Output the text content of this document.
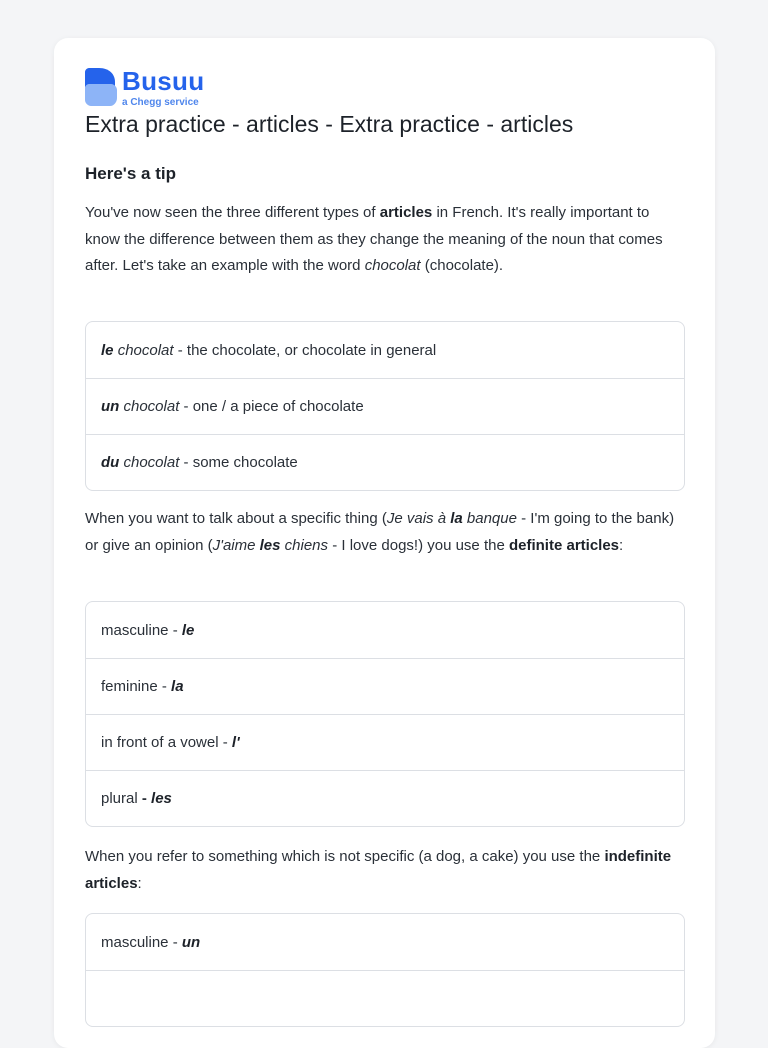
Busuu
a Chegg service
Extra practice - articles - Extra practice - articles
Here's a tip
You've now seen the three different types of articles in French. It's really important to know the difference between them as they change the meaning of the noun that comes after. Let's take an example with the word chocolat (chocolate).
le
chocolat
- the chocolate, or chocolate in general
un
chocolat
- one / a piece of chocolate
du
chocolat
- some chocolate
When you want to talk about a specific thing (Je vais à la banque - I'm going to the bank) or give an opinion (J'aime les chiens - I love dogs!) you use the definite articles:
masculine - le
feminine - la
in front of a vowel - l'
plural - les
When you refer to something which is not specific (a dog, a cake) you use the indefinite articles:
masculine - un
